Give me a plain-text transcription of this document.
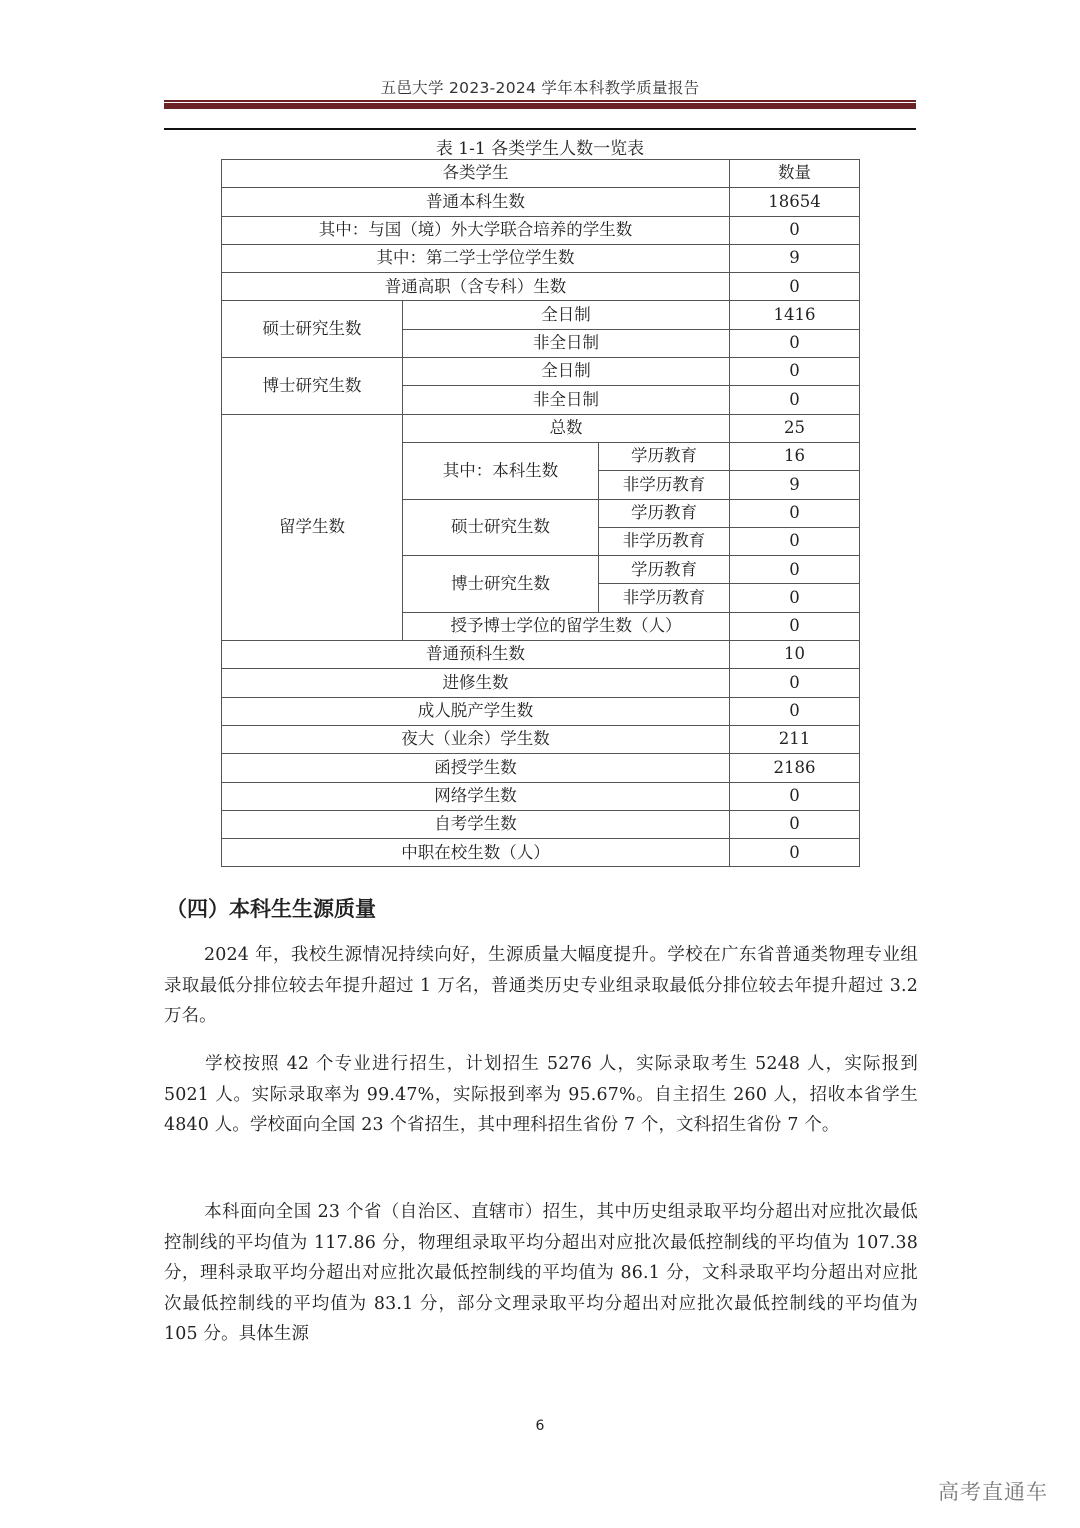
五邑大学 2023-2024 学年本科教学质量报告
表 1-1 各类学生人数一览表
各类学生			数量
普通本科生数			18654
其中：与国（境）外大学联合培养的学生数			0
其中：第二学士学位学生数			9
普通高职（含专科）生数			0
硕士研究生数	全日制		1416
	非全日制		0
博士研究生数	全日制		0
	非全日制		0
留学生数	总数		25
	其中：本科生数	学历教育	16
		非学历教育	9
	硕士研究生数	学历教育	0
		非学历教育	0
	博士研究生数	学历教育	0
		非学历教育	0
	授予博士学位的留学生数（人）		0
普通预科生数			10
进修生数			0
成人脱产学生数			0
夜大（业余）学生数			211
函授学生数			2186
网络学生数			0
自考学生数			0
中职在校生数（人）			0
（四）本科生生源质量
2024 年，我校生源情况持续向好，生源质量大幅度提升。学校在广东省普通类物理专业组录取最低分排位较去年提升超过 1 万名，普通类历史专业组录取最低分排位较去年提升超过 3.2 万名。
学校按照 42 个专业进行招生，计划招生 5276 人，实际录取考生 5248 人，实际报到 5021 人。实际录取率为 99.47%，实际报到率为 95.67%。自主招生 260 人，招收本省学生 4840 人。学校面向全国 23 个省招生，其中理科招生省份 7 个，文科招生省份 7 个。
本科面向全国 23 个省（自治区、直辖市）招生，其中历史组录取平均分超出对应批次最低控制线的平均值为 117.86 分，物理组录取平均分超出对应批次最低控制线的平均值为 107.38 分，理科录取平均分超出对应批次最低控制线的平均值为 86.1 分，文科录取平均分超出对应批次最低控制线的平均值为 83.1 分，部分文理录取平均分超出对应批次最低控制线的平均值为 105 分。具体生源
6
高考直通车
